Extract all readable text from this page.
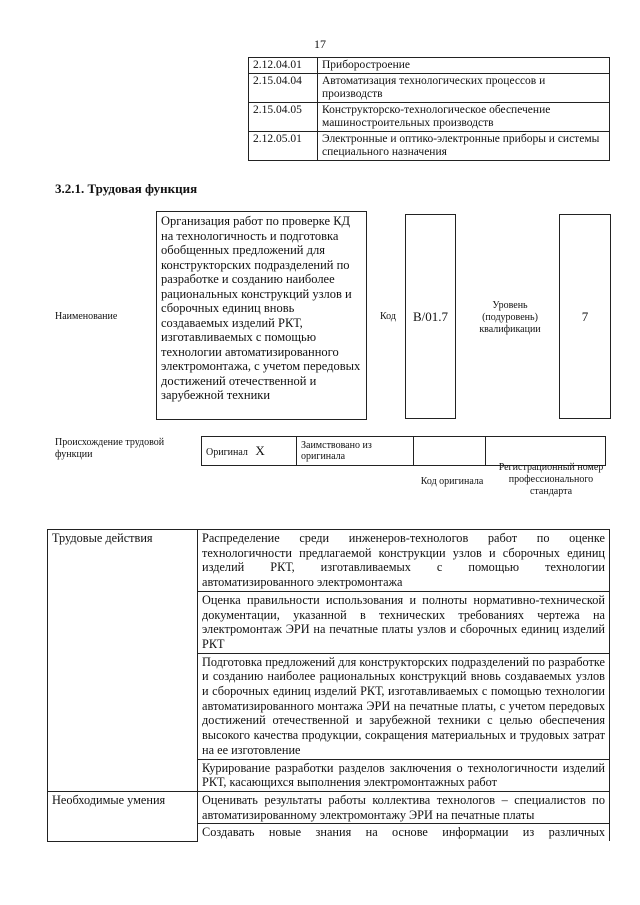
17
	2.12.04.01	Приборостроение
	2.15.04.04	Автоматизация технологических процессов и производств
	2.15.04.05	Конструкторско-технологическое обеспечение машиностроительных производств
	2.12.05.01	Электронные и оптико-электронные приборы и системы специального назначения
3.2.1. Трудовая функция
Наименование
Организация работ по проверке КД на технологичность и подготовка обобщенных предложений для конструкторских подразделений по разработке и созданию наиболее рациональных конструкций узлов и сборочных единиц вновь создаваемых изделий РКТ, изготавливаемых с помощью технологии автоматизированного электромонтажа, с учетом передовых достижений отечественной и зарубежной техники
Код	B/01.7
Уровень (подуровень) квалификации
7
Происхождение трудовой функции	Оригинал X	Заимствовано из оригинала		
Код оригинала
Регистрационный номер профессионального стандарта
Трудовые действия	Распределение среди инженеров-технологов работ по оценке технологичности предлагаемой конструкции узлов и сборочных единиц изделий РКТ, изготавливаемых с помощью технологии автоматизированного электромонтажа
	Оценка правильности использования и полноты нормативно-технической документации, указанной в технических требованиях чертежа на электромонтаж ЭРИ на печатные платы узлов и сборочных единиц изделий РКТ
	Подготовка предложений для конструкторских подразделений по разработке и созданию наиболее рациональных конструкций вновь создаваемых узлов и сборочных единиц изделий РКТ, изготавливаемых с помощью технологии автоматизированного монтажа ЭРИ на печатные платы, с учетом передовых достижений отечественной и зарубежной техники с целью обеспечения высокого качества продукции, сокращения материальных и трудовых затрат на ее изготовление
	Курирование разработки разделов заключения о технологичности изделий РКТ, касающихся выполнения электромонтажных работ
Необходимые умения	Оценивать результаты работы коллектива технологов – специалистов по автоматизированному электромонтажу ЭРИ на печатные платы
	Создавать новые знания на основе информации из различных
